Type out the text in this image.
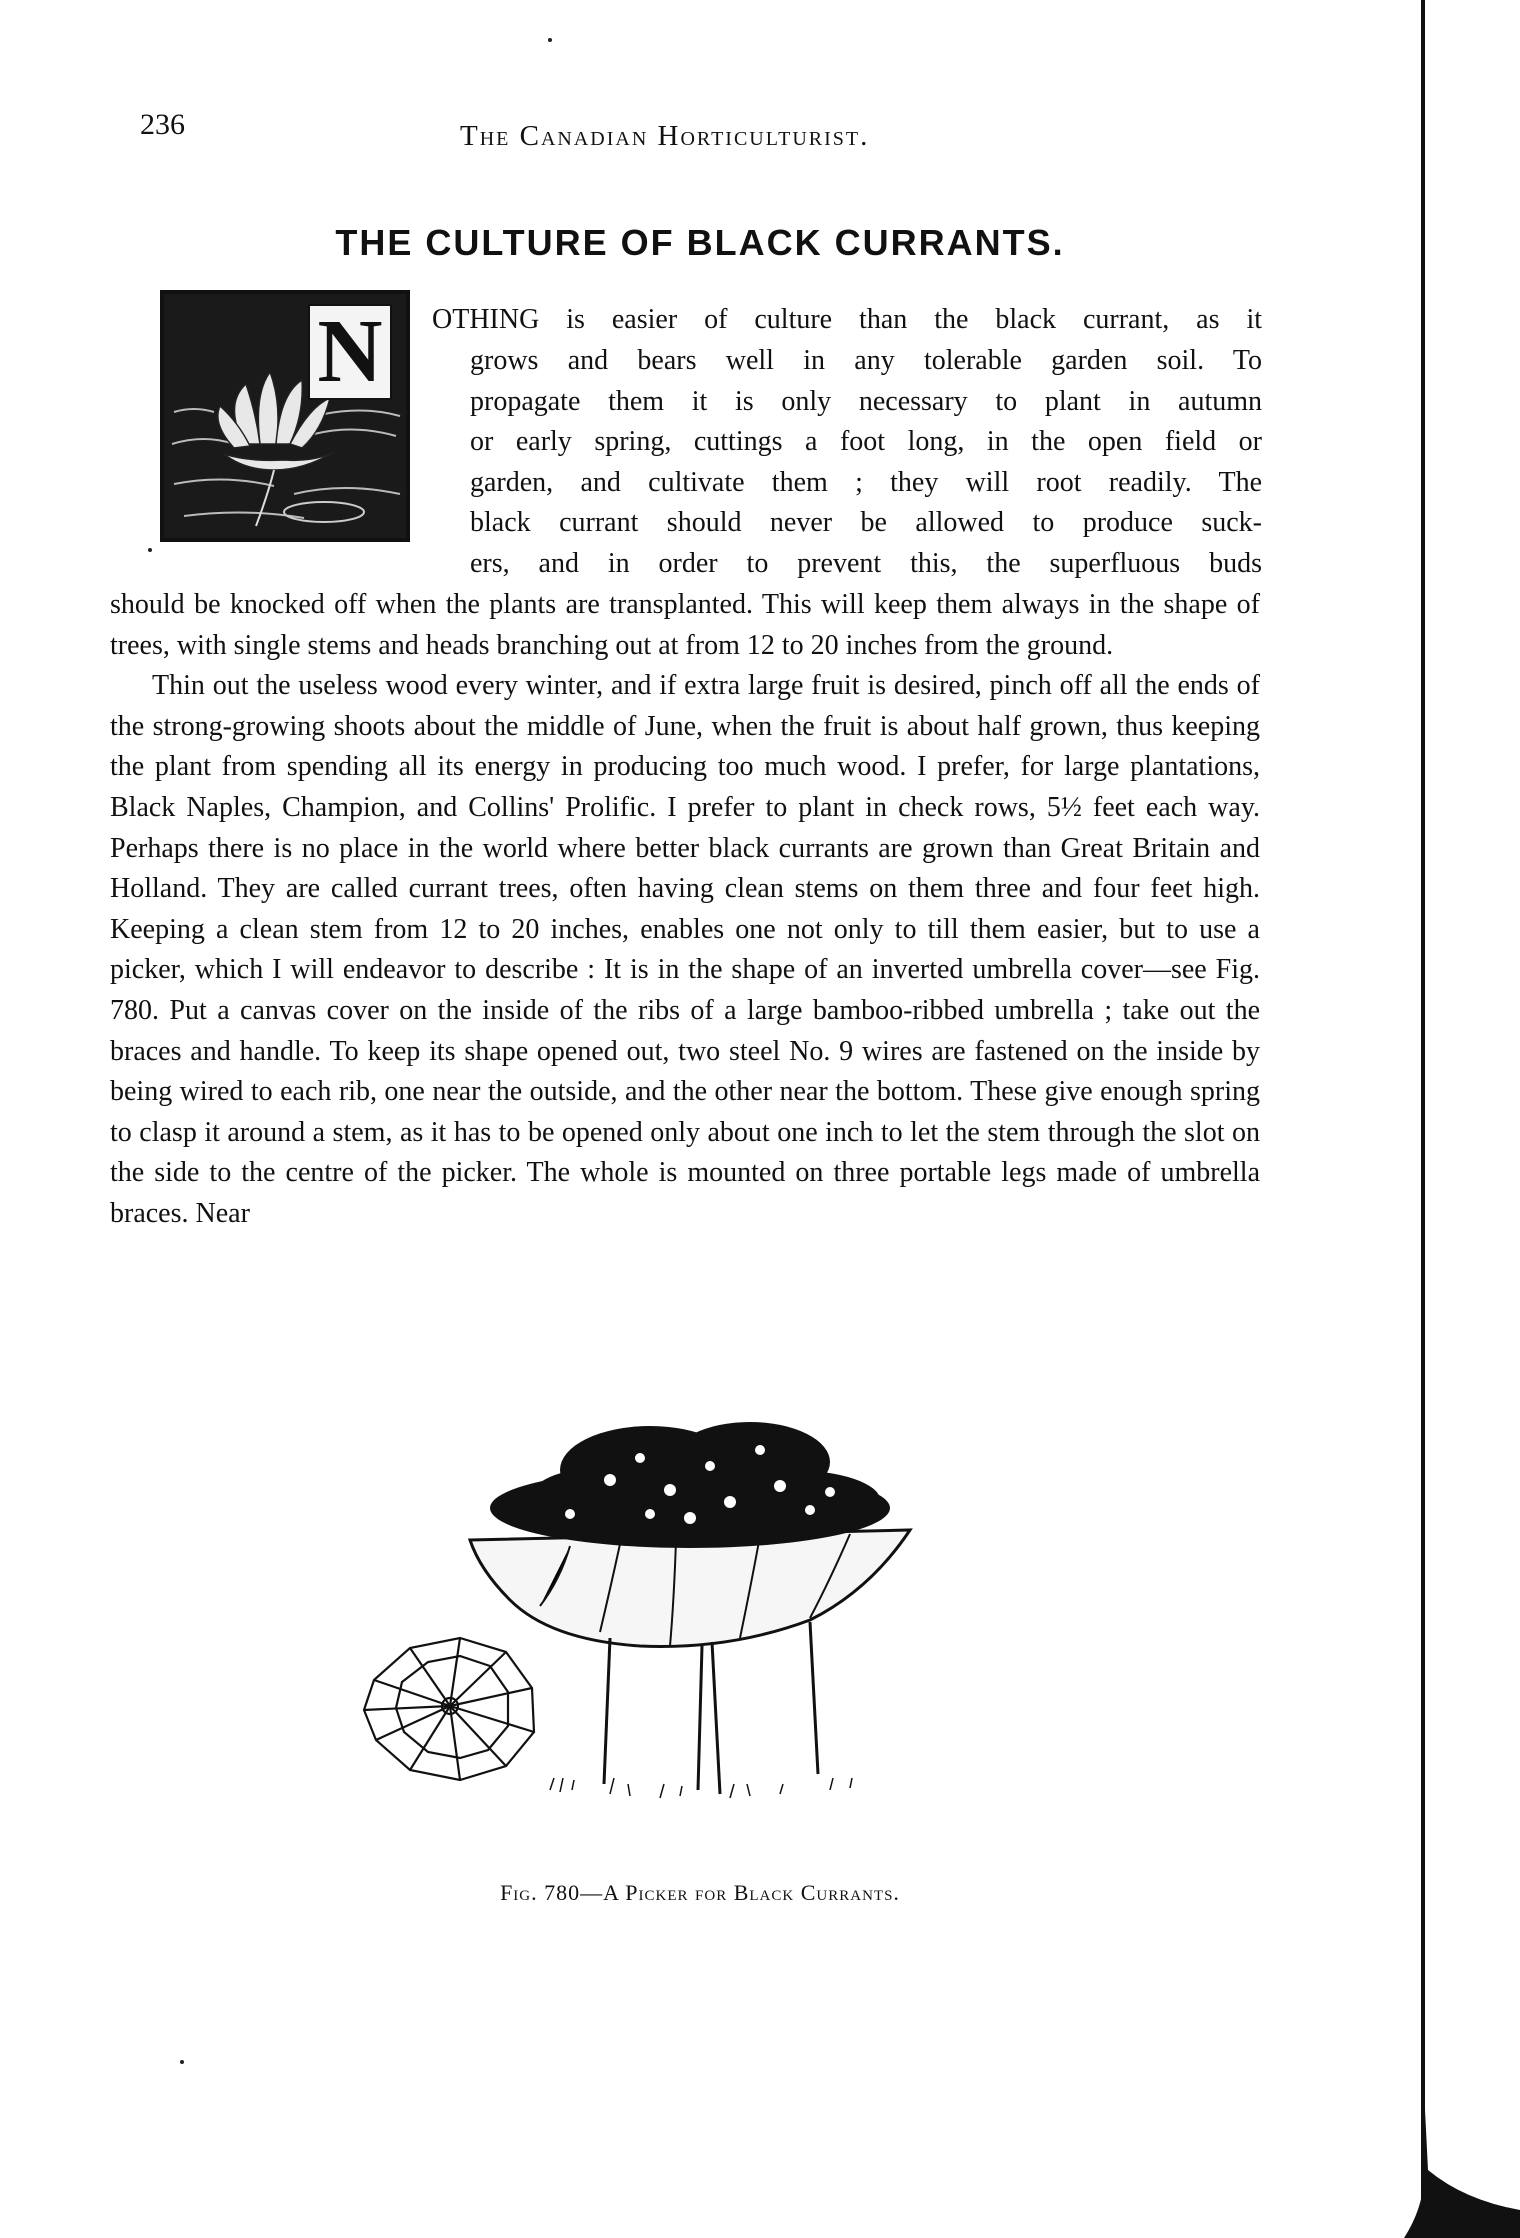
236	The Canadian Horticulturist.
THE CULTURE OF BLACK CURRANTS.
N	OTHING is easier of culture than the black currant, as it
grows and bears well in any tolerable garden soil. To
propagate them it is only necessary to plant in autumn
or early spring, cuttings a foot long, in the open field or
garden, and cultivate them ; they will root readily. The
black currant should never be allowed to produce suck-
ers, and in order to prevent this, the superfluous buds

should be knocked off when the plants are transplanted. This will keep them always in the shape of trees, with single stems and heads branching out at from 12 to 20 inches from the ground.

Thin out the useless wood every winter, and if extra large fruit is desired, pinch off all the ends of the strong-growing shoots about the middle of June, when the fruit is about half grown, thus keeping the plant from spending all its energy in producing too much wood. I prefer, for large plantations, Black Naples, Champion, and Collins' Prolific. I prefer to plant in check rows, 5½ feet each way. Perhaps there is no place in the world where better black currants are grown than Great Britain and Holland. They are called currant trees, often having clean stems on them three and four feet high. Keeping a clean stem from 12 to 20 inches, enables one not only to till them easier, but to use a picker, which I will endeavor to describe : It is in the shape of an inverted umbrella cover—see Fig. 780. Put a canvas cover on the inside of the ribs of a large bamboo-ribbed umbrella ; take out the braces and handle. To keep its shape opened out, two steel No. 9 wires are fastened on the inside by being wired to each rib, one near the outside, and the other near the bottom. These give enough spring to clasp it around a stem, as it has to be opened only about one inch to let the stem through the slot on the side to the centre of the picker. The whole is mounted on three portable legs made of umbrella braces. Near

Fig. 780—A Picker for Black Currants.
